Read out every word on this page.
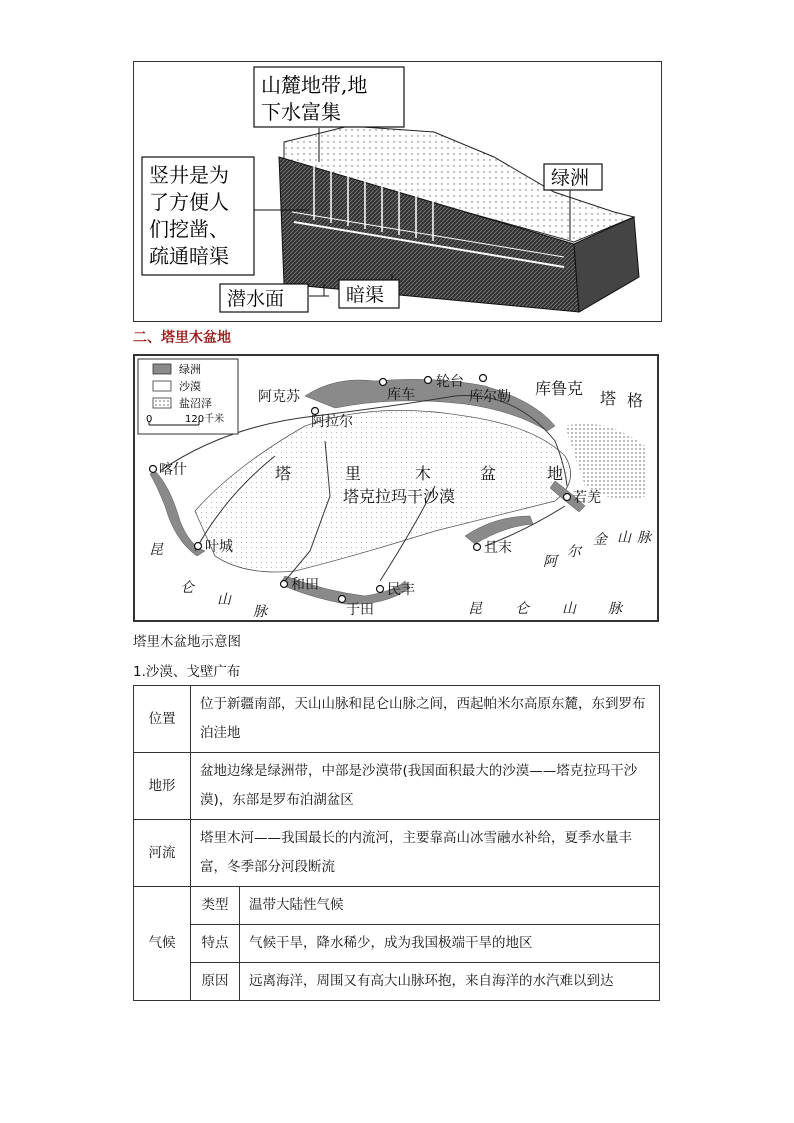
山麓地带,地
下水富集
竖井是为
了方便人
们挖凿、
疏通暗渠
绿洲
潜水面	暗渠
二、塔里木盆地
绿洲
沙漠
盐沼泽
0	120千米
阿克苏	库车
轮台
库尔勒
阿拉尔
喀什
叶城
和田
于田
民丰
且末
若羌
塔	里	木	盆	地
塔克拉玛干沙漠
库鲁克
塔 格
昆
仑
山
脉	昆 仑 山 脉
阿
尔
金 山 脉
塔里木盆地示意图
1.沙漠、戈壁广布
位置	位于新疆南部，天山山脉和昆仑山脉之间，西起帕米尔高原东麓，东到罗布泊洼地	
地形	盆地边缘是绿洲带，中部是沙漠带(我国面积最大的沙漠——塔克拉玛干沙漠)，东部是罗布泊湖盆区	
河流	塔里木河——我国最长的内流河，主要靠高山冰雪融水补给，夏季水量丰富，冬季部分河段断流	
气候	类型	温带大陆性气候
	特点	气候干旱，降水稀少，成为我国极端干旱的地区
	原因	远离海洋，周围又有高大山脉环抱，来自海洋的水汽难以到达
